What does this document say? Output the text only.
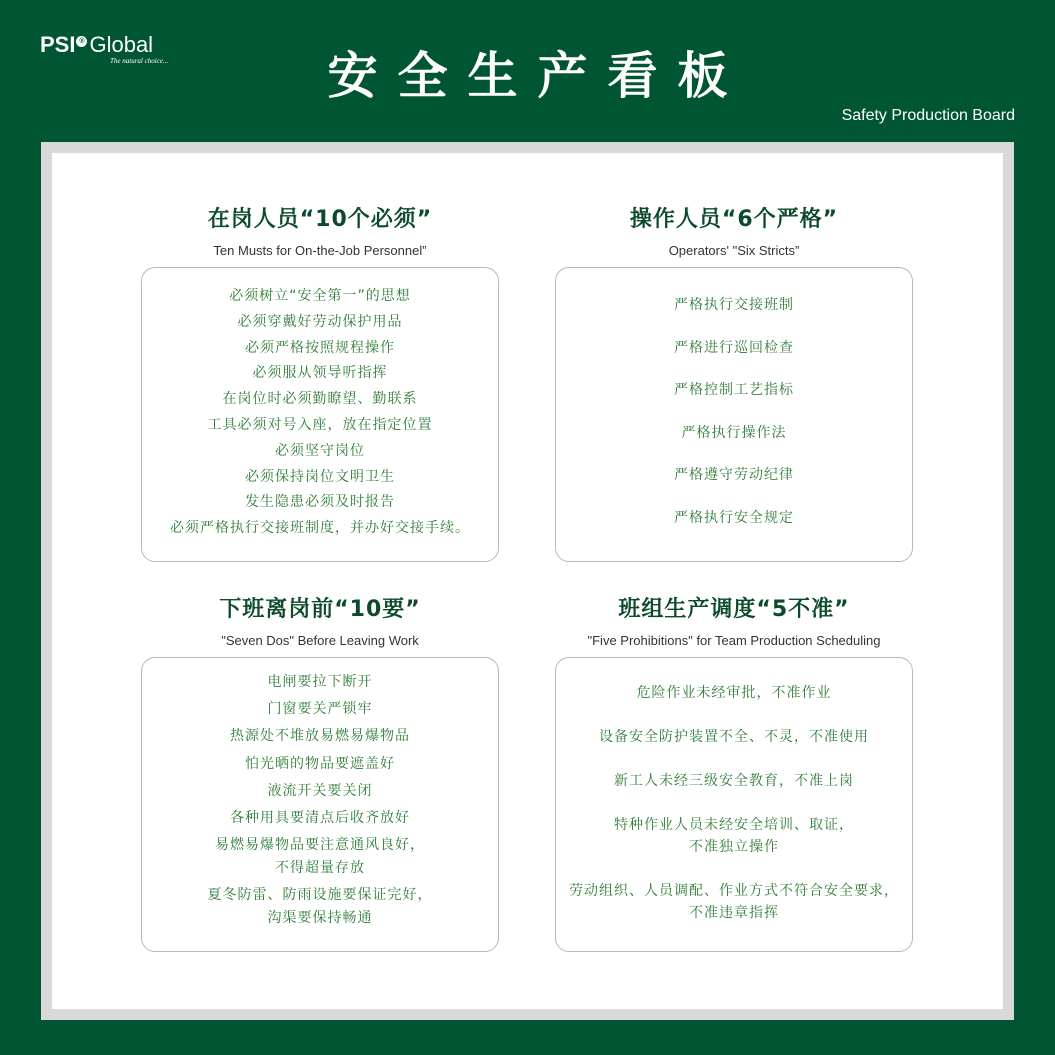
PSI ® Global
The natural choice...	安全生产看板
Safety Production Board
在岗人员“10个必须”
Ten Musts for On-the-Job Personnel”
必须树立“安全第一”的思想
必须穿戴好劳动保护用品
必须严格按照规程操作
必须服从领导听指挥
在岗位时必须勤瞭望、勤联系
工具必须对号入座，放在指定位置
必须坚守岗位
必须保持岗位文明卫生
发生隐患必须及时报告
必须严格执行交接班制度，并办好交接手续。
操作人员“6个严格”
Operators' "Six Stricts”
严格执行交接班制
严格进行巡回检查
严格控制工艺指标
严格执行操作法
严格遵守劳动纪律
严格执行安全规定
下班离岗前“10要”
"Seven Dos" Before Leaving Work
电闸要拉下断开
门窗要关严锁牢
热源处不堆放易燃易爆物品
怕光晒的物品要遮盖好
液流开关要关闭
各种用具要清点后收齐放好
易燃易爆物品要注意通风良好，
不得超量存放
夏冬防雷、防雨设施要保证完好，
沟渠要保持畅通
班组生产调度“5不准”
"Five Prohibitions" for Team Production Scheduling
危险作业未经审批，不准作业
设备安全防护装置不全、不灵，不准使用
新工人未经三级安全教育，不准上岗
特种作业人员未经安全培训、取证，
不准独立操作
劳动组织、人员调配、作业方式不符合安全要求，
不准违章指挥
